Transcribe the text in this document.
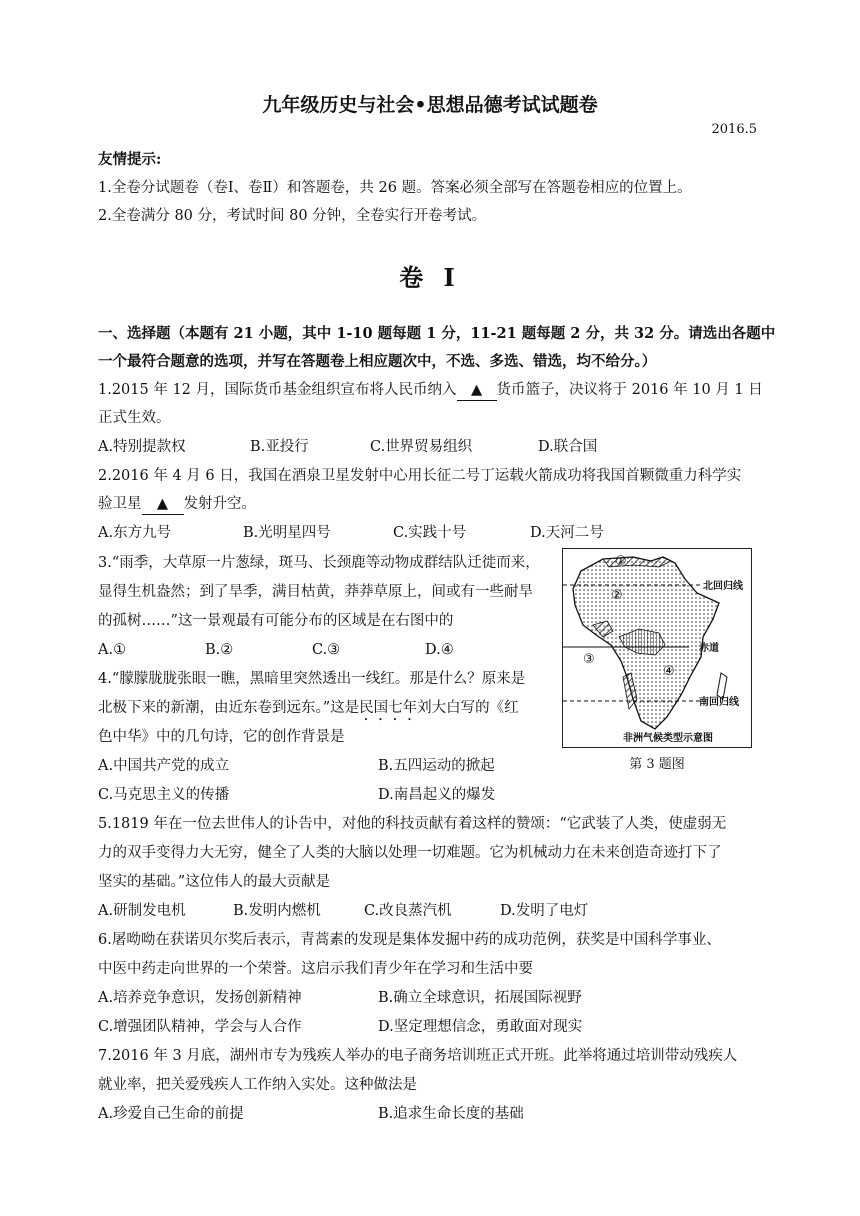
九年级历史与社会•思想品德考试试题卷
2016.5
友情提示:
1.全卷分试题卷（卷Ⅰ、卷Ⅱ）和答题卷，共 26 题。答案必须全部写在答题卷相应的位置上。
2.全卷满分 80 分，考试时间 80 分钟，全卷实行开卷考试。
卷 I
一、选择题（本题有 21 小题，其中 1-10 题每题 1 分，11-21 题每题 2 分，共 32 分。请选出各题中
一个最符合题意的选项，并写在答题卷上相应题次中，不选、多选、错选，均不给分。）
1.2015 年 12 月，国际货币基金组织宣布将人民币纳入 ▲ 货币篮子，决议将于 2016 年 10 月 1 日
正式生效。
A.特别提款权	B.亚投行	C.世界贸易组织	D.联合国
2.2016 年 4 月 6 日，我国在酒泉卫星发射中心用长征二号丁运载火箭成功将我国首颗微重力科学实
验卫星 ▲ 发射升空。
A.东方九号	B.光明星四号	C.实践十号	D.天河二号
3.“雨季，大草原一片葱绿，斑马、长颈鹿等动物成群结队迁徙而来，
显得生机盎然；到了旱季，满目枯黄，莽莽草原上，间或有一些耐旱
的孤树……”这一景观最有可能分布的区域是在右图中的
A.①	B.②	C.③	D.④
4.“朦朦胧胧张眼一瞧，黑暗里突然透出一线红。那是什么？原来是
北极下来的新潮，由近东卷到远东。”这是民国七年刘大白写的《红
色中华》中的几句诗，它的创作背景是
A.中国共产党的成立	B.五四运动的掀起
C.马克思主义的传播	D.南昌起义的爆发
5.1819 年在一位去世伟人的讣告中，对他的科技贡献有着这样的赞颂：“它武装了人类，使虚弱无
力的双手变得力大无穷，健全了人类的大脑以处理一切难题。它为机械动力在未来创造奇迹打下了
坚实的基础。”这位伟人的最大贡献是
A.研制发电机	B.发明内燃机	C.改良蒸汽机	D.发明了电灯
6.屠呦呦在获诺贝尔奖后表示，青蒿素的发现是集体发掘中药的成功范例，获奖是中国科学事业、
中医中药走向世界的一个荣誉。这启示我们青少年在学习和生活中要
A.培养竞争意识，发扬创新精神	B.确立全球意识，拓展国际视野
C.增强团队精神，学会与人合作	D.坚定理想信念，勇敢面对现实
7.2016 年 3 月底，湖州市专为残疾人举办的电子商务培训班正式开班。此举将通过培训带动残疾人
就业率，把关爱残疾人工作纳入实处。这种做法是
A.珍爱自己生命的前提	B.追求生命长度的基础
①
②
③
④
北回归线
赤道
南回归线
非洲气候类型示意图
第 3 题图
